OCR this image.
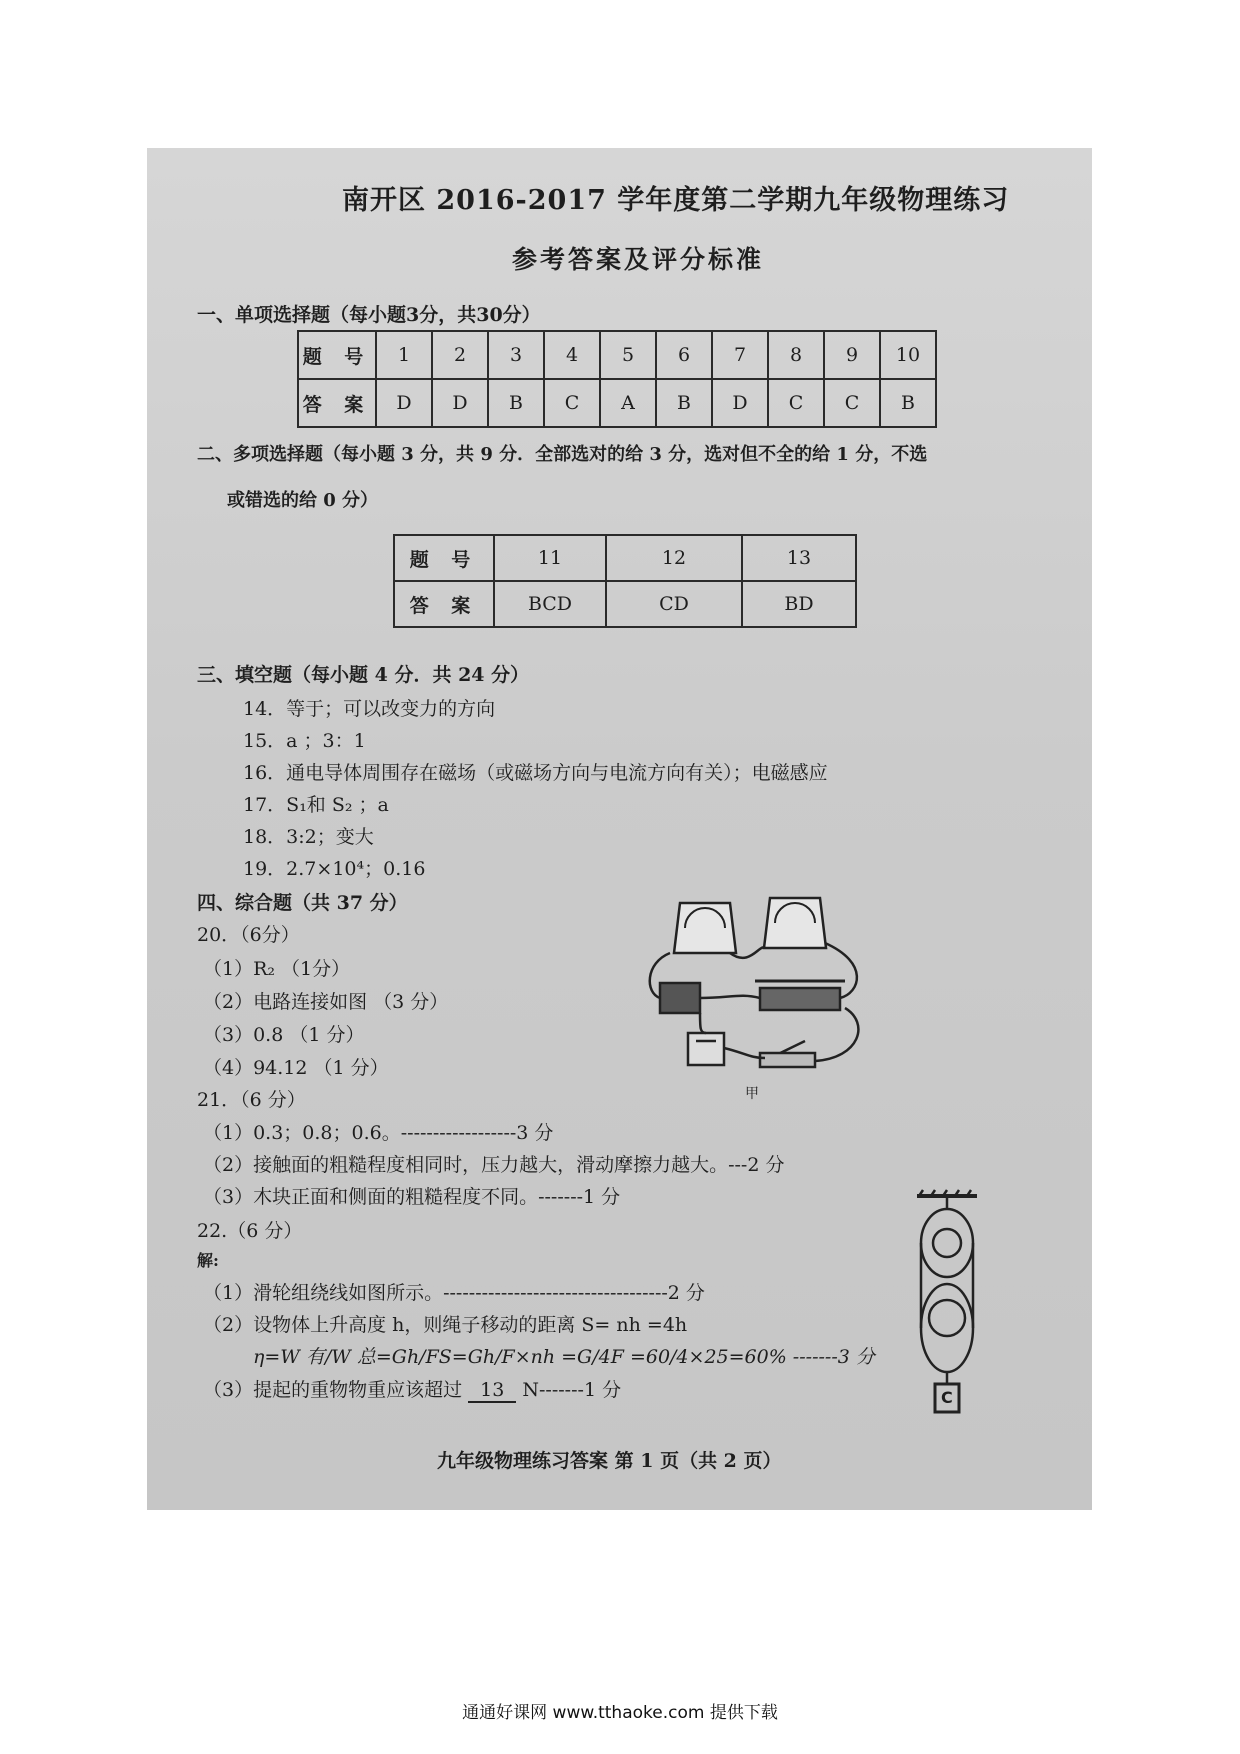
南开区 2016-2017 学年度第二学期九年级物理练习
参考答案及评分标准
一、单项选择题（每小题3分，共30分）
题 号	1	2	3	4	5	6	7	8	9	10
答 案	D	D	B	C	A	B	D	C	C	B
二、多项选择题（每小题 3 分，共 9 分．全部选对的给 3 分，选对但不全的给 1 分，不选
或错选的给 0 分）
题 号	11	12	13
答 案	BCD	CD	BD
三、填空题（每小题 4 分．共 24 分）
14．等于；可以改变力的方向
15．a ；3：1
16．通电导体周围存在磁场（或磁场方向与电流方向有关）；电磁感应
17．S₁和 S₂ ；a
18．3:2；变大
19．2.7×10⁴；0.16
四、综合题（共 37 分）
20．（6分）
（1）R₂ （1分）
（2）电路连接如图 （3 分）
（3）0.8 （1 分）
（4）94.12 （1 分）
甲
21．（6 分）
（1）0.3；0.8；0.6。------------------3 分
（2）接触面的粗糙程度相同时，压力越大，滑动摩擦力越大。---2 分
（3）木块正面和侧面的粗糙程度不同。-------1 分
22.（6 分）
解:
（1）滑轮组绕线如图所示。-----------------------------------2 分
（2）设物体上升高度 h，则绳子移动的距离 S= nh =4h
η=W 有/W 总=Gh/FS=Gh/F×nh =G/4F =60/4×25=60% -------3 分
（3）提起的重物物重应该超过 13 N-------1 分	C
九年级物理练习答案 第 1 页（共 2 页）
通通好课网 www.tthaoke.com 提供下载
